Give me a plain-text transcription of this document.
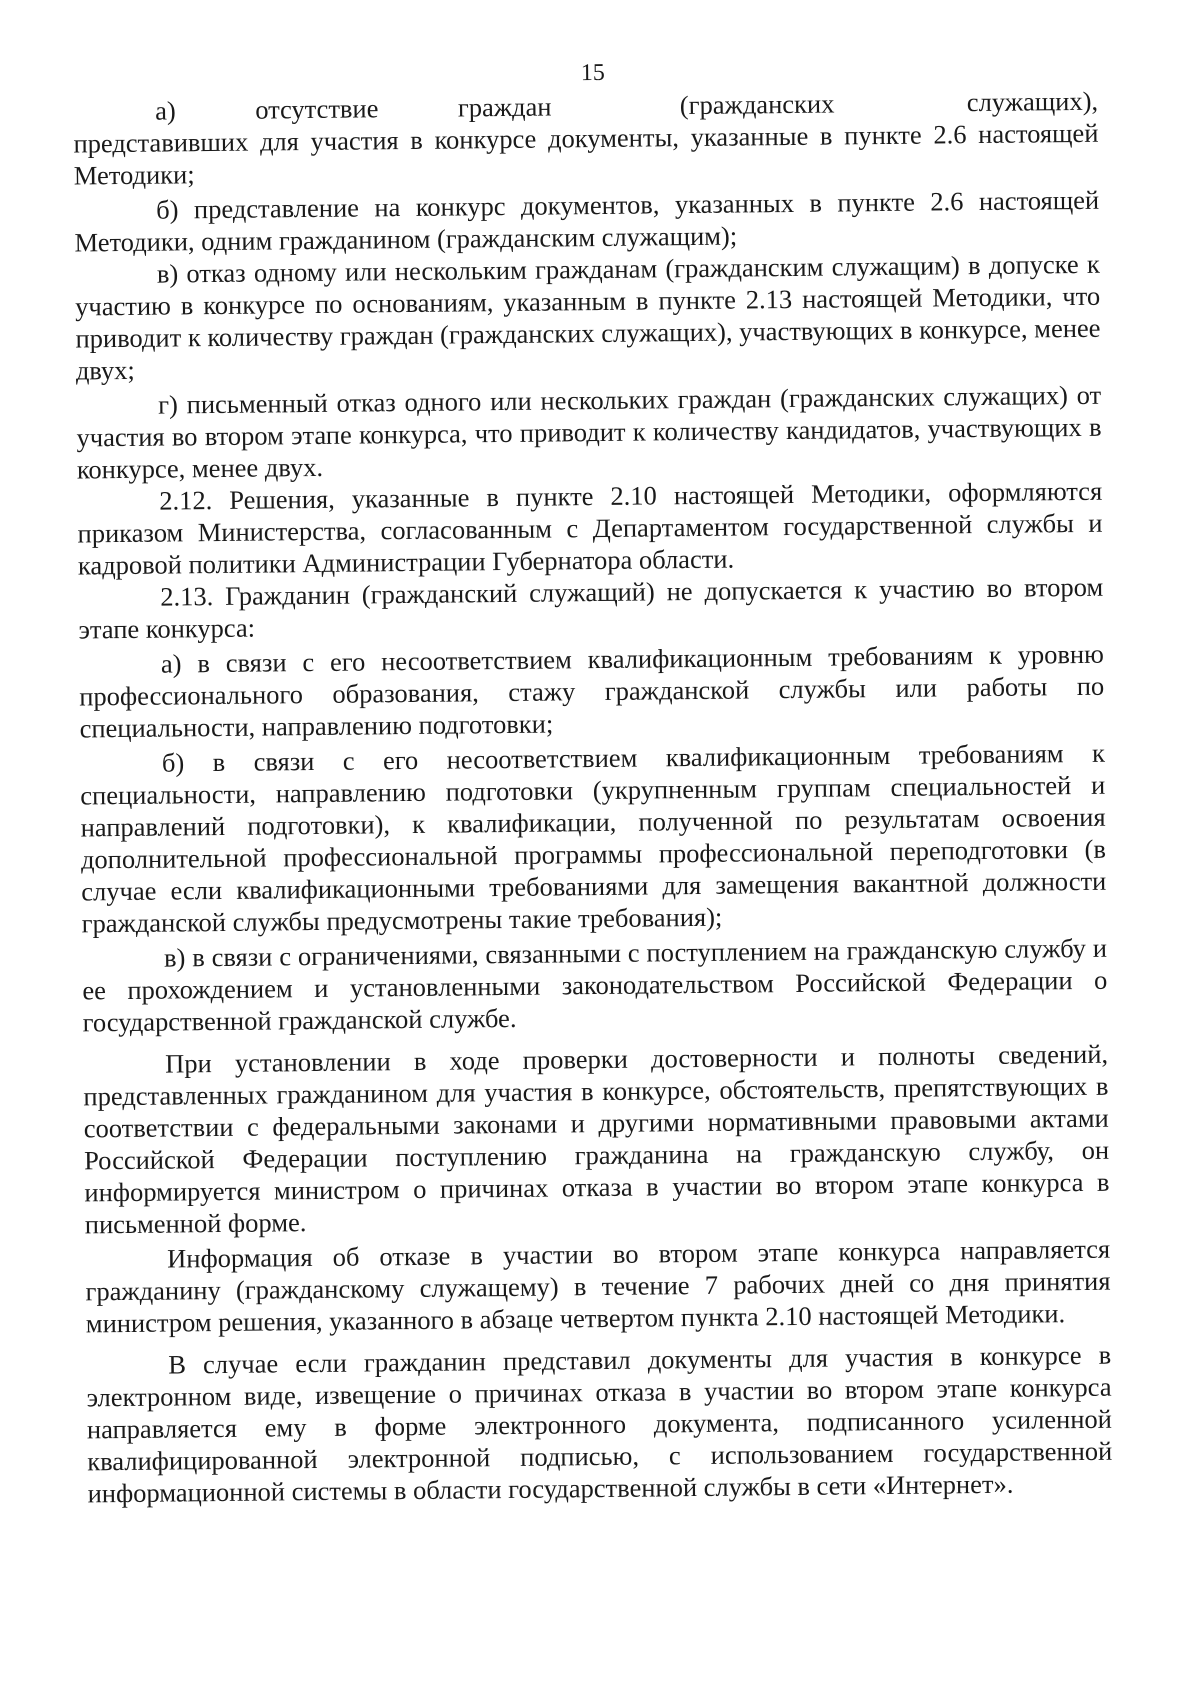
15

а)   отсутствие   граждан (гражданских     служащих), представивших для участия в конкурсе документы, указанные в пункте 2.6 настоящей Методики;

б) представление на конкурс документов, указанных в пункте 2.6 настоящей Методики, одним гражданином (гражданским служащим);

в) отказ одному или нескольким гражданам (гражданским служащим) в допуске к участию в конкурсе по основаниям, указанным в пункте 2.13 настоящей Методики, что приводит к количеству граждан (гражданских служащих), участвующих в конкурсе, менее двух;

г) письменный отказ одного или нескольких граждан (гражданских служащих) от участия во втором этапе конкурса, что приводит к количеству кандидатов, участвующих в конкурсе, менее двух.

2.12. Решения, указанные в пункте 2.10 настоящей Методики, оформляются приказом Министерства, согласованным с Департаментом государственной службы и кадровой политики Администрации Губернатора области.

2.13. Гражданин (гражданский служащий) не допускается к участию во втором этапе конкурса:

а) в связи с его несоответствием квалификационным требованиям к уровню профессионального образования, стажу гражданской службы или работы по специальности, направлению подготовки;

б) в связи с его несоответствием квалификационным требованиям к специальности, направлению подготовки (укрупненным группам специальностей и направлений подготовки), к квалификации, полученной по результатам освоения дополнительной профессиональной программы профессиональной переподготовки (в случае если квалификационными требованиями для замещения вакантной должности гражданской службы предусмотрены такие требования);

в) в связи с ограничениями, связанными с поступлением на гражданскую службу и ее прохождением и установленными законодательством Российской Федерации о государственной гражданской службе.

При установлении в ходе проверки достоверности и полноты сведений, представленных гражданином для участия в конкурсе, обстоятельств, препятствующих в соответствии с федеральными законами и другими нормативными правовыми актами Российской Федерации поступлению гражданина на гражданскую службу, он информируется министром о причинах отказа в участии во втором этапе конкурса в письменной форме.

Информация об отказе в участии во втором этапе конкурса направляется гражданину (гражданскому служащему) в течение 7 рабочих дней со дня принятия министром решения, указанного в абзаце четвертом пункта 2.10 настоящей Методики.

В случае если гражданин представил документы для участия в конкурсе в электронном виде, извещение о причинах отказа в участии во втором этапе конкурса направляется ему в форме электронного документа, подписанного усиленной квалифицированной электронной подписью, с использованием государственной информационной системы в области государственной службы в сети «Интернет».
